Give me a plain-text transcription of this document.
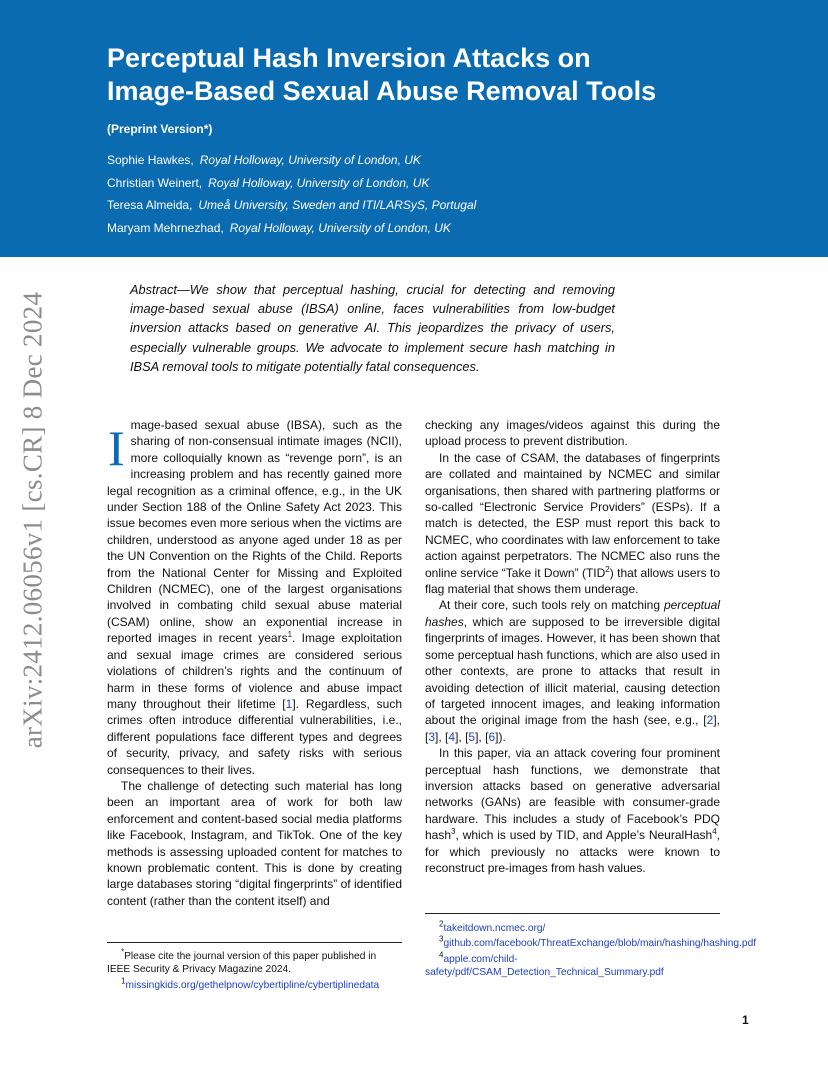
Perceptual Hash Inversion Attacks on
Image-Based Sexual Abuse Removal Tools
(Preprint Version*)
Sophie Hawkes, Royal Holloway, University of London, UK
Christian Weinert, Royal Holloway, University of London, UK
Teresa Almeida, Umeå University, Sweden and ITI/LARSyS, Portugal
Maryam Mehrnezhad, Royal Holloway, University of London, UK
arXiv:2412.06056v1 [cs.CR] 8 Dec 2024

Abstract—We show that perceptual hashing, crucial for detecting and removing image-based sexual abuse (IBSA) online, faces vulnerabilities from low-budget inversion attacks based on generative AI. This jeopardizes the privacy of users, especially vulnerable groups. We advocate to implement secure hash matching in IBSA removal tools to mitigate potentially fatal consequences.

Image-based sexual abuse (IBSA), such as the sharing of non-consensual intimate images (NCII), more colloquially known as “revenge porn”, is an increasing problem and has recently gained more legal recognition as a criminal offence, e.g., in the UK under Section 188 of the Online Safety Act 2023. This issue becomes even more serious when the victims are children, understood as anyone aged under 18 as per the UN Convention on the Rights of the Child. Reports from the National Center for Missing and Exploited Children (NCMEC), one of the largest organisations involved in combating child sexual abuse material (CSAM) online, show an exponential increase in reported images in recent years$^1$. Image exploitation and sexual image crimes are considered serious violations of children’s rights and the continuum of harm in these forms of violence and abuse impact many throughout their lifetime [1]. Regardless, such crimes often introduce differential vulnerabilities, i.e., different populations face different types and degrees of security, privacy, and safety risks with serious consequences to their lives.

The challenge of detecting such material has long been an important area of work for both law enforcement and content-based social media platforms like Facebook, Instagram, and TikTok. One of the key methods is assessing uploaded content for matches to known problematic content. This is done by creating large databases storing “digital fingerprints” of identified content (rather than the content itself) and

checking any images/videos against this during the upload process to prevent distribution.

In the case of CSAM, the databases of fingerprints are collated and maintained by NCMEC and similar organisations, then shared with partnering platforms or so-called “Electronic Service Providers” (ESPs). If a match is detected, the ESP must report this back to NCMEC, who coordinates with law enforcement to take action against perpetrators. The NCMEC also runs the online service “Take it Down” (TID$^2$) that allows users to flag material that shows them underage.

At their core, such tools rely on matching perceptual hashes, which are supposed to be irreversible digital fingerprints of images. However, it has been shown that some perceptual hash functions, which are also used in other contexts, are prone to attacks that result in avoiding detection of illicit material, causing detection of targeted innocent images, and leaking information about the original image from the hash (see, e.g., [2], [3], [4], [5], [6]).

In this paper, via an attack covering four prominent perceptual hash functions, we demonstrate that inversion attacks based on generative adversarial networks (GANs) are feasible with consumer-grade hardware. This includes a study of Facebook’s PDQ hash$^3$, which is used by TID, and Apple’s NeuralHash$^4$, for which previously no attacks were known to reconstruct pre-images from hash values.

*Please cite the journal version of this paper published in IEEE Security & Privacy Magazine 2024.

$^1$missingkids.org/gethelpnow/cybertipline/cybertiplinedata

$^2$takeitdown.ncmec.org/

$^3$github.com/facebook/ThreatExchange/blob/main/hashing/hashing.pdf

$^4$apple.com/child-safety/pdf/CSAM_Detection_Technical_Summary.pdf

1
